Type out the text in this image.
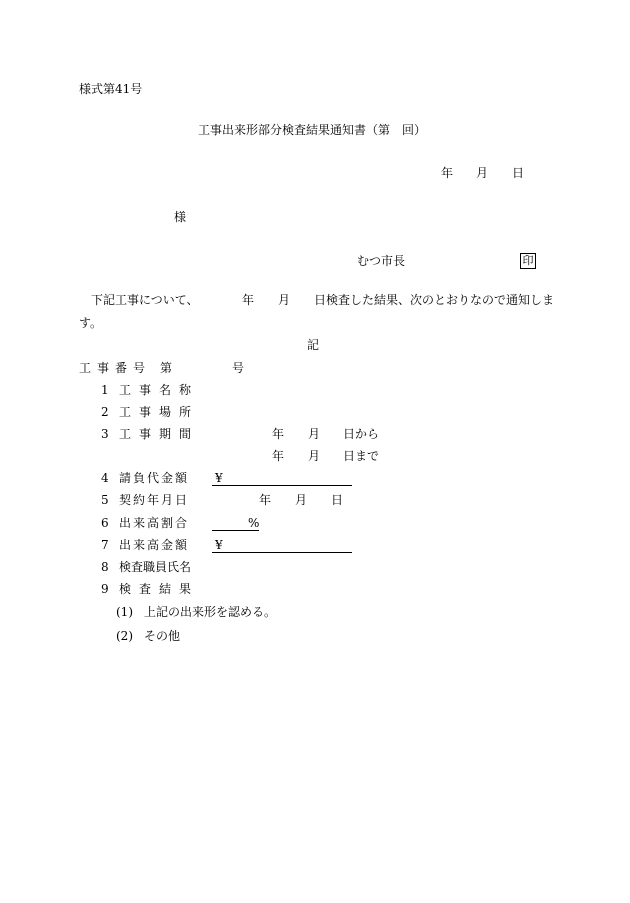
様式第41号
工事出来形部分検査結果通知書（第　回）
年 月 日
様
むつ市長	印
下記工事について、	年 月 日検査した結果、次のとおりなので通知しま
す。
記
工事番号 第	号
1 工事名称
2 工事場所
3 工事期間	年 月 日から
年 月 日まで
4 請負代金額 ¥
5 契約年月日	年 月 日
6 出来高割合	%
7 出来高金額 ¥
8 検査職員氏名
9 検査結果
(1) 上記の出来形を認める。
(2) その他
